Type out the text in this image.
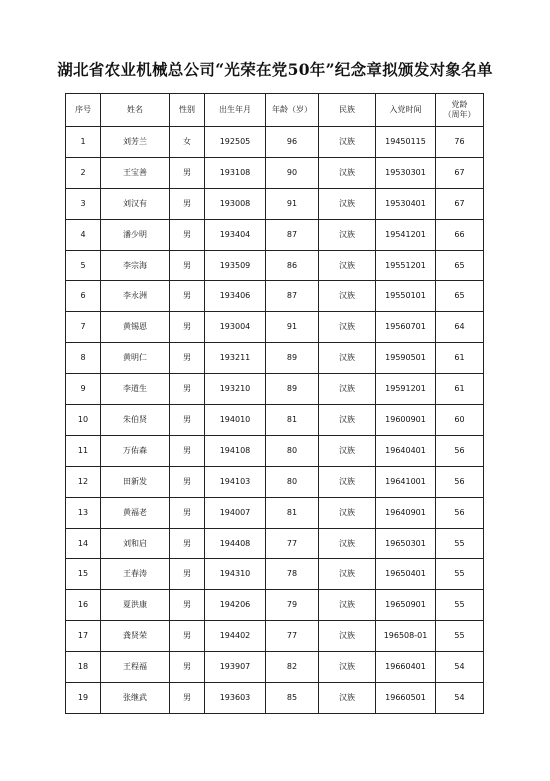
湖北省农业机械总公司“光荣在党50年”纪念章拟颁发对象名单
序号	姓名	性别	出生年月	年龄（岁）	民族	入党时间	党龄
（周年）

1	刘芳兰	女	192505	96	汉族	19450115	76
2	王宝善	男	193108	90	汉族	19530301	67
3	刘汉有	男	193008	91	汉族	19530401	67
4	潘少明	男	193404	87	汉族	19541201	66
5	李宗海	男	193509	86	汉族	19551201	65
6	李永洲	男	193406	87	汉族	19550101	65
7	黄锡恩	男	193004	91	汉族	19560701	64
8	黄明仁	男	193211	89	汉族	19590501	61
9	李道生	男	193210	89	汉族	19591201	61
10	朱伯贤	男	194010	81	汉族	19600901	60
11	万佑森	男	194108	80	汉族	19640401	56
12	田新发	男	194103	80	汉族	19641001	56
13	黄福老	男	194007	81	汉族	19640901	56
14	刘和启	男	194408	77	汉族	19650301	55
15	王春涛	男	194310	78	汉族	19650401	55
16	夏洪康	男	194206	79	汉族	19650901	55
17	龚贤荣	男	194402	77	汉族	196508-01	55
18	王程福	男	193907	82	汉族	19660401	54
19	张继武	男	193603	85	汉族	19660501	54
